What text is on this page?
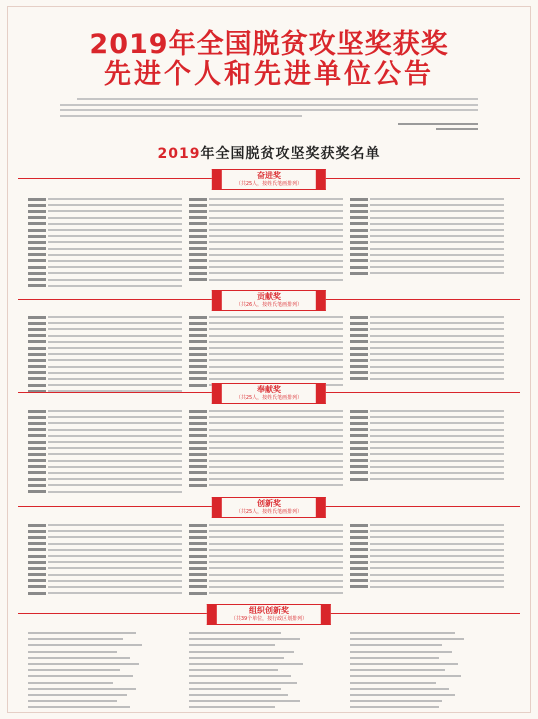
2019年全国脱贫攻坚奖获奖
先进个人和先进单位公告
2019年全国脱贫攻坚奖获奖名单
奋进奖
（共25人，按姓氏笔画排列）
贡献奖
（共26人，按姓氏笔画排列）
奉献奖
（共25人，按姓氏笔画排列）
创新奖
（共25人，按姓氏笔画排列）
组织创新奖
（共39个单位，按行政区划排列）
